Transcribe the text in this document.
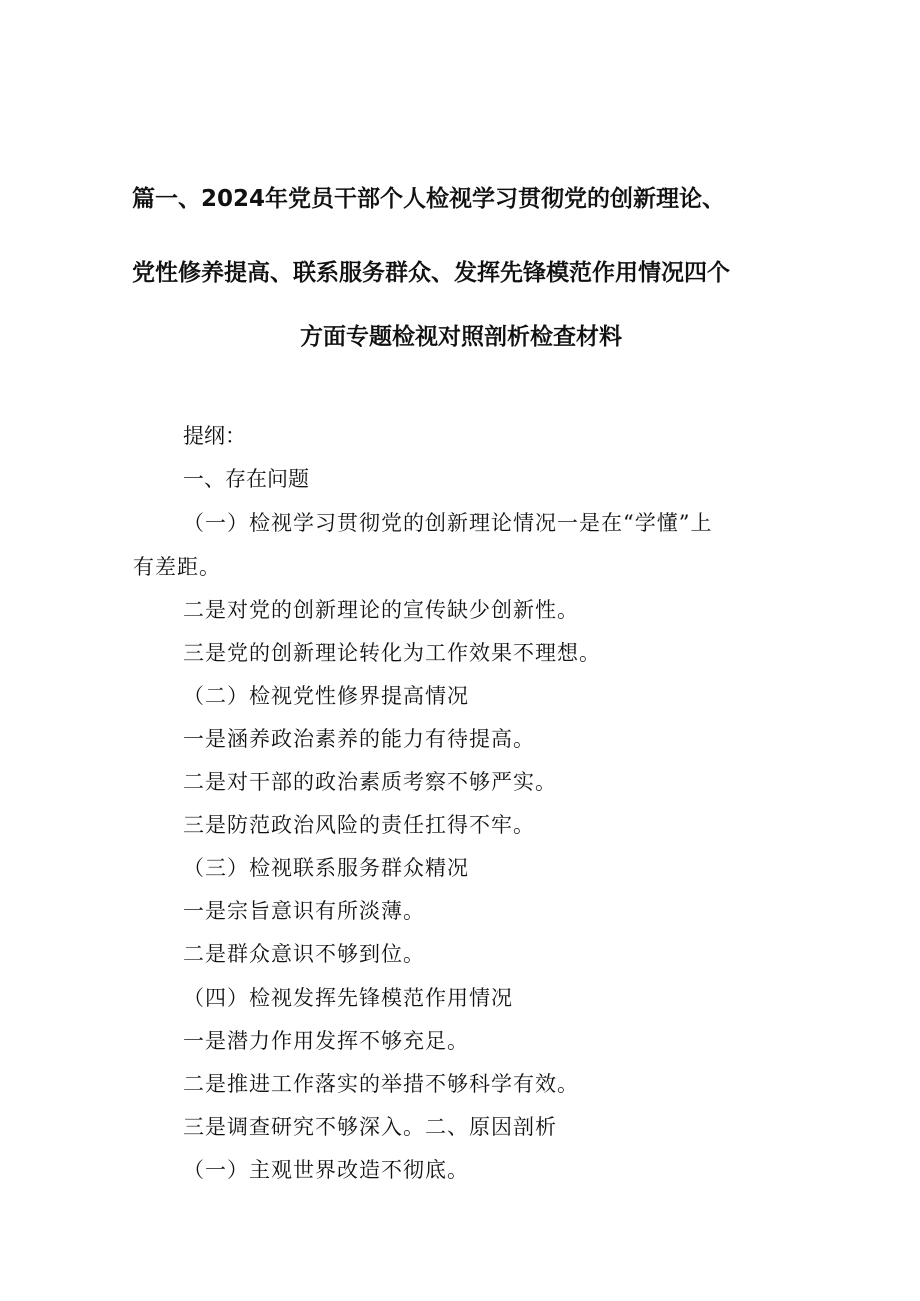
篇一、2024年党员干部个人检视学习贯彻党的创新理论、
党性修养提高、联系服务群众、发挥先锋模范作用情况四个
方面专题检视对照剖析检查材料
提纲：
一、存在问题
（一）检视学习贯彻党的创新理论情况一是在“学懂”上
有差距。
二是对党的创新理论的宣传缺少创新性。
三是党的创新理论转化为工作效果不理想。
（二）检视党性修界提高情况
一是涵养政治素养的能力有待提高。
二是对干部的政治素质考察不够严实。
三是防范政治风险的责任扛得不牢。
（三）检视联系服务群众精况
一是宗旨意识有所淡薄。
二是群众意识不够到位。
（四）检视发挥先锋模范作用情况
一是潜力作用发挥不够充足。
二是推进工作落实的举措不够科学有效。
三是调查研究不够深入。二、原因剖析
（一）主观世界改造不彻底。
